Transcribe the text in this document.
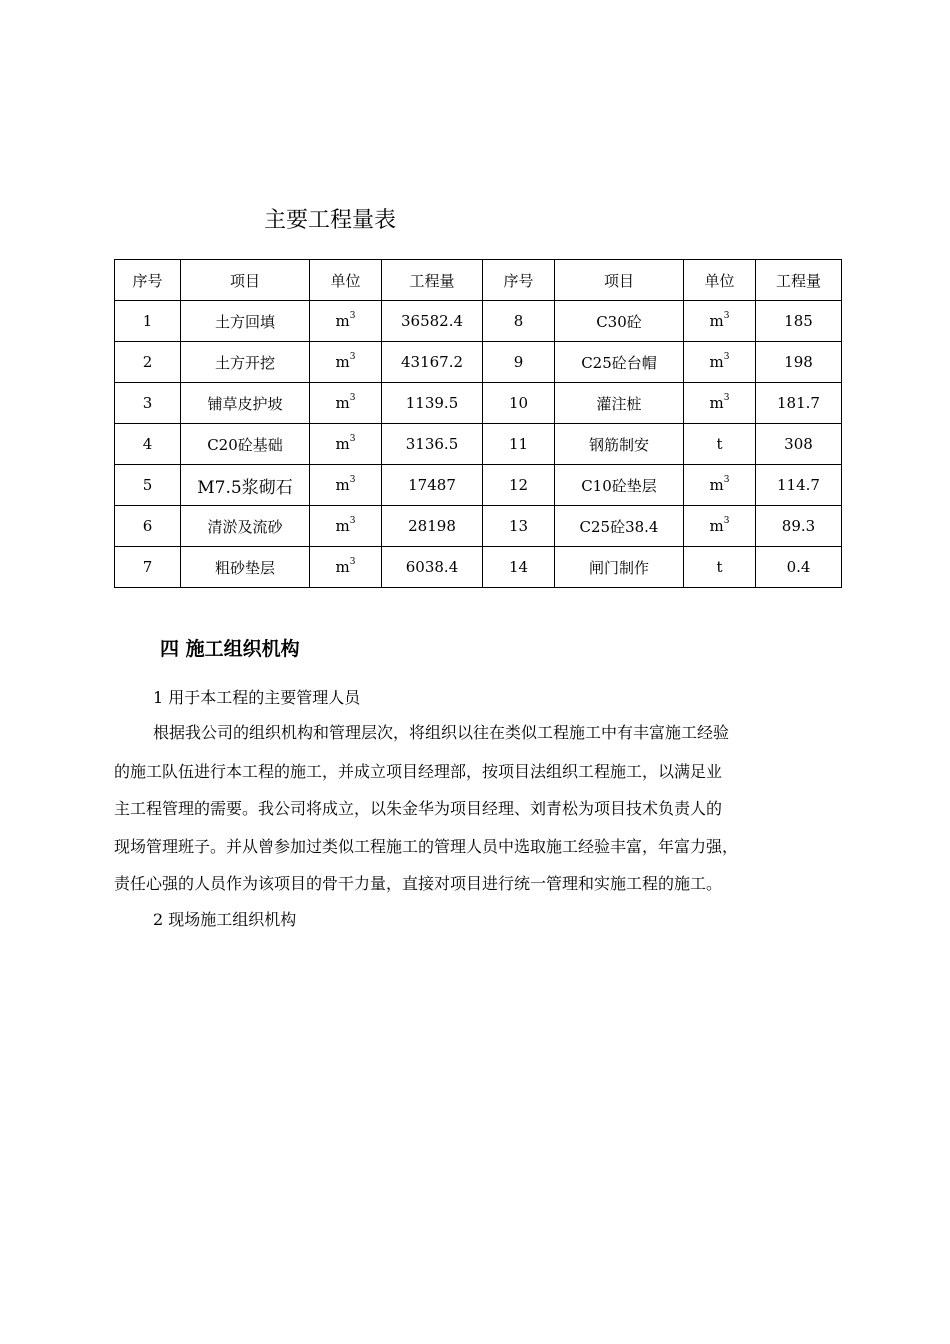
主要工程量表
序号	项目	单位	工程量	序号	项目	单位	工程量
1	土方回填	$m^3$	36582.4	8	C30砼	$m^3$	185
2	土方开挖	$m^3$	43167.2	9	C25砼台帽	$m^3$	198
3	铺草皮护坡	$m^3$	1139.5	10	灌注桩	$m^3$	181.7
4	C20砼基础	$m^3$	3136.5	11	钢筋制安	t	308
5	M7.5浆砌石	$m^3$	17487	12	C10砼垫层	$m^3$	114.7
6	清淤及流砂	$m^3$	28198	13	C25砼38.4	$m^3$	89.3
7	粗砂垫层	$m^3$	6038.4	14	闸门制作	t	0.4
四 施工组织机构
1 用于本工程的主要管理人员
根据我公司的组织机构和管理层次，将组织以往在类似工程施工中有丰富施工经验
的施工队伍进行本工程的施工，并成立项目经理部，按项目法组织工程施工，以满足业
主工程管理的需要。我公司将成立，以朱金华为项目经理、刘青松为项目技术负责人的
现场管理班子。并从曾参加过类似工程施工的管理人员中选取施工经验丰富，年富力强，
责任心强的人员作为该项目的骨干力量，直接对项目进行统一管理和实施工程的施工。
2 现场施工组织机构
